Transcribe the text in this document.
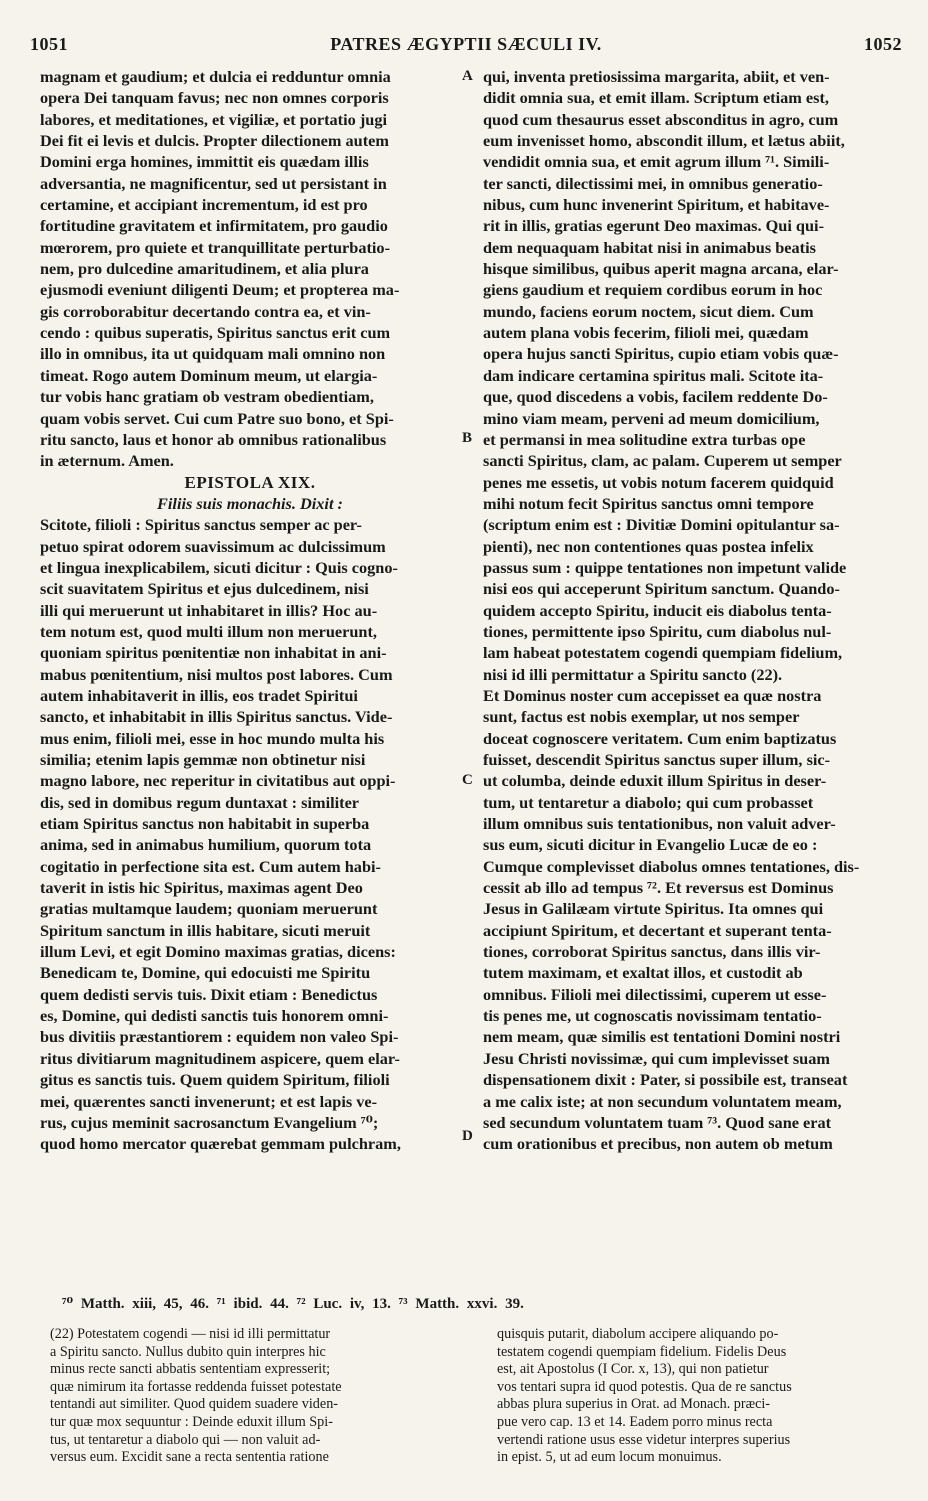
1051	PATRES ÆGYPTII SÆCULI IV.	1052
magnam et gaudium; et dulcia ei redduntur omnia
opera Dei tanquam favus; nec non omnes corporis
labores, et meditationes, et vigiliæ, et portatio jugi
Dei fit ei levis et dulcis. Propter dilectionem autem
Domini erga homines, immittit eis quædam illis
adversantia, ne magnificentur, sed ut persistant in
certamine, et accipiant incrementum, id est pro
fortitudine gravitatem et infirmitatem, pro gaudio
mœrorem, pro quiete et tranquillitate perturbatio-
nem, pro dulcedine amaritudinem, et alia plura
ejusmodi eveniunt diligenti Deum; et propterea ma-
gis corroborabitur decertando contra ea, et vin-
cendo : quibus superatis, Spiritus sanctus erit cum
illo in omnibus, ita ut quidquam mali omnino non
timeat. Rogo autem Dominum meum, ut elargia-
tur vobis hanc gratiam ob vestram obedientiam,
quam vobis servet. Cui cum Patre suo bono, et Spi-
ritu sancto, laus et honor ab omnibus rationalibus
in æternum. Amen.
EPISTOLA XIX.
Filiis suis monachis. Dixit :
Scitote, filioli : Spiritus sanctus semper ac per-
petuo spirat odorem suavissimum ac dulcissimum
et lingua inexplicabilem, sicuti dicitur : Quis cogno-
scit suavitatem Spiritus et ejus dulcedinem, nisi
illi qui meruerunt ut inhabitaret in illis? Hoc au-
tem notum est, quod multi illum non meruerunt,
quoniam spiritus pœnitentiæ non inhabitat in ani-
mabus pœnitentium, nisi multos post labores. Cum
autem inhabitaverit in illis, eos tradet Spiritui
sancto, et inhabitabit in illis Spiritus sanctus. Vide-
mus enim, filioli mei, esse in hoc mundo multa his
similia; etenim lapis gemmæ non obtinetur nisi
magno labore, nec reperitur in civitatibus aut oppi-
dis, sed in domibus regum duntaxat : similiter
etiam Spiritus sanctus non habitabit in superba
anima, sed in animabus humilium, quorum tota
cogitatio in perfectione sita est. Cum autem habi-
taverit in istis hic Spiritus, maximas agent Deo
gratias multamque laudem; quoniam meruerunt
Spiritum sanctum in illis habitare, sicuti meruit
illum Levi, et egit Domino maximas gratias, dicens:
Benedicam te, Domine, qui edocuisti me Spiritu
quem dedisti servis tuis. Dixit etiam : Benedictus
es, Domine, qui dedisti sanctis tuis honorem omni-
bus divitiis præstantiorem : equidem non valeo Spi-
ritus divitiarum magnitudinem aspicere, quem elar-
gitus es sanctis tuis. Quem quidem Spiritum, filioli
mei, quærentes sancti invenerunt; et est lapis ve-
rus, cujus meminit sacrosanctum Evangelium ⁷⁰;
quod homo mercator quærebat gemmam pulchram,
qui, inventa pretiosissima margarita, abiit, et ven-
didit omnia sua, et emit illam. Scriptum etiam est,
quod cum thesaurus esset absconditus in agro, cum
eum invenisset homo, abscondit illum, et lætus abiit,
vendidit omnia sua, et emit agrum illum ⁷¹. Simili-
ter sancti, dilectissimi mei, in omnibus generatio-
nibus, cum hunc invenerint Spiritum, et habitave-
rit in illis, gratias egerunt Deo maximas. Qui qui-
dem nequaquam habitat nisi in animabus beatis
hisque similibus, quibus aperit magna arcana, elar-
giens gaudium et requiem cordibus eorum in hoc
mundo, faciens eorum noctem, sicut diem. Cum
autem plana vobis fecerim, filioli mei, quædam
opera hujus sancti Spiritus, cupio etiam vobis quæ-
dam indicare certamina spiritus mali. Scitote ita-
que, quod discedens a vobis, facilem reddente Do-
mino viam meam, perveni ad meum domicilium,
et permansi in mea solitudine extra turbas ope
sancti Spiritus, clam, ac palam. Cuperem ut semper
penes me essetis, ut vobis notum facerem quidquid
mihi notum fecit Spiritus sanctus omni tempore
(scriptum enim est : Divitiæ Domini opitulantur sa-
pienti), nec non contentiones quas postea infelix
passus sum : quippe tentationes non impetunt valide
nisi eos qui acceperunt Spiritum sanctum. Quando-
quidem accepto Spiritu, inducit eis diabolus tenta-
tiones, permittente ipso Spiritu, cum diabolus nul-
lam habeat potestatem cogendi quempiam fidelium,
nisi id illi permittatur a Spiritu sancto (22).
Et Dominus noster cum accepisset ea quæ nostra
sunt, factus est nobis exemplar, ut nos semper
doceat cognoscere veritatem. Cum enim baptizatus
fuisset, descendit Spiritus sanctus super illum, sic-
ut columba, deinde eduxit illum Spiritus in deser-
tum, ut tentaretur a diabolo; qui cum probasset
illum omnibus suis tentationibus, non valuit adver-
sus eum, sicuti dicitur in Evangelio Lucæ de eo :
Cumque complevisset diabolus omnes tentationes, dis-
cessit ab illo ad tempus ⁷². Et reversus est Dominus
Jesus in Galilæam virtute Spiritus. Ita omnes qui
accipiunt Spiritum, et decertant et superant tenta-
tiones, corroborat Spiritus sanctus, dans illis vir-
tutem maximam, et exaltat illos, et custodit ab
omnibus. Filioli mei dilectissimi, cuperem ut esse-
tis penes me, ut cognoscatis novissimam tentatio-
nem meam, quæ similis est tentationi Domini nostri
Jesu Christi novissimæ, qui cum implevisset suam
dispensationem dixit : Pater, si possibile est, transeat
a me calix iste; at non secundum voluntatem meam,
sed secundum voluntatem tuam ⁷³. Quod sane erat
cum orationibus et precibus, non autem ob metum
A
B
C
D
⁷⁰ Matth. xiii, 45, 46. ⁷¹ ibid. 44. ⁷² Luc. iv, 13. ⁷³ Matth. xxvi. 39.
(22) Potestatem cogendi — nisi id illi permittatur
a Spiritu sancto. Nullus dubito quin interpres hic
minus recte sancti abbatis sententiam expresserit;
quæ nimirum ita fortasse reddenda fuisset potestate
tentandi aut similiter. Quod quidem suadere viden-
tur quæ mox sequuntur : Deinde eduxit illum Spi-
tus, ut tentaretur a diabolo qui — non valuit ad-
versus eum. Excidit sane a recta sententia ratione
quisquis putarit, diabolum accipere aliquando po-
testatem cogendi quempiam fidelium. Fidelis Deus
est, ait Apostolus (I Cor. x, 13), qui non patietur
vos tentari supra id quod potestis. Qua de re sanctus
abbas plura superius in Orat. ad Monach. præci-
pue vero cap. 13 et 14. Eadem porro minus recta
vertendi ratione usus esse videtur interpres superius
in epist. 5, ut ad eum locum monuimus.
